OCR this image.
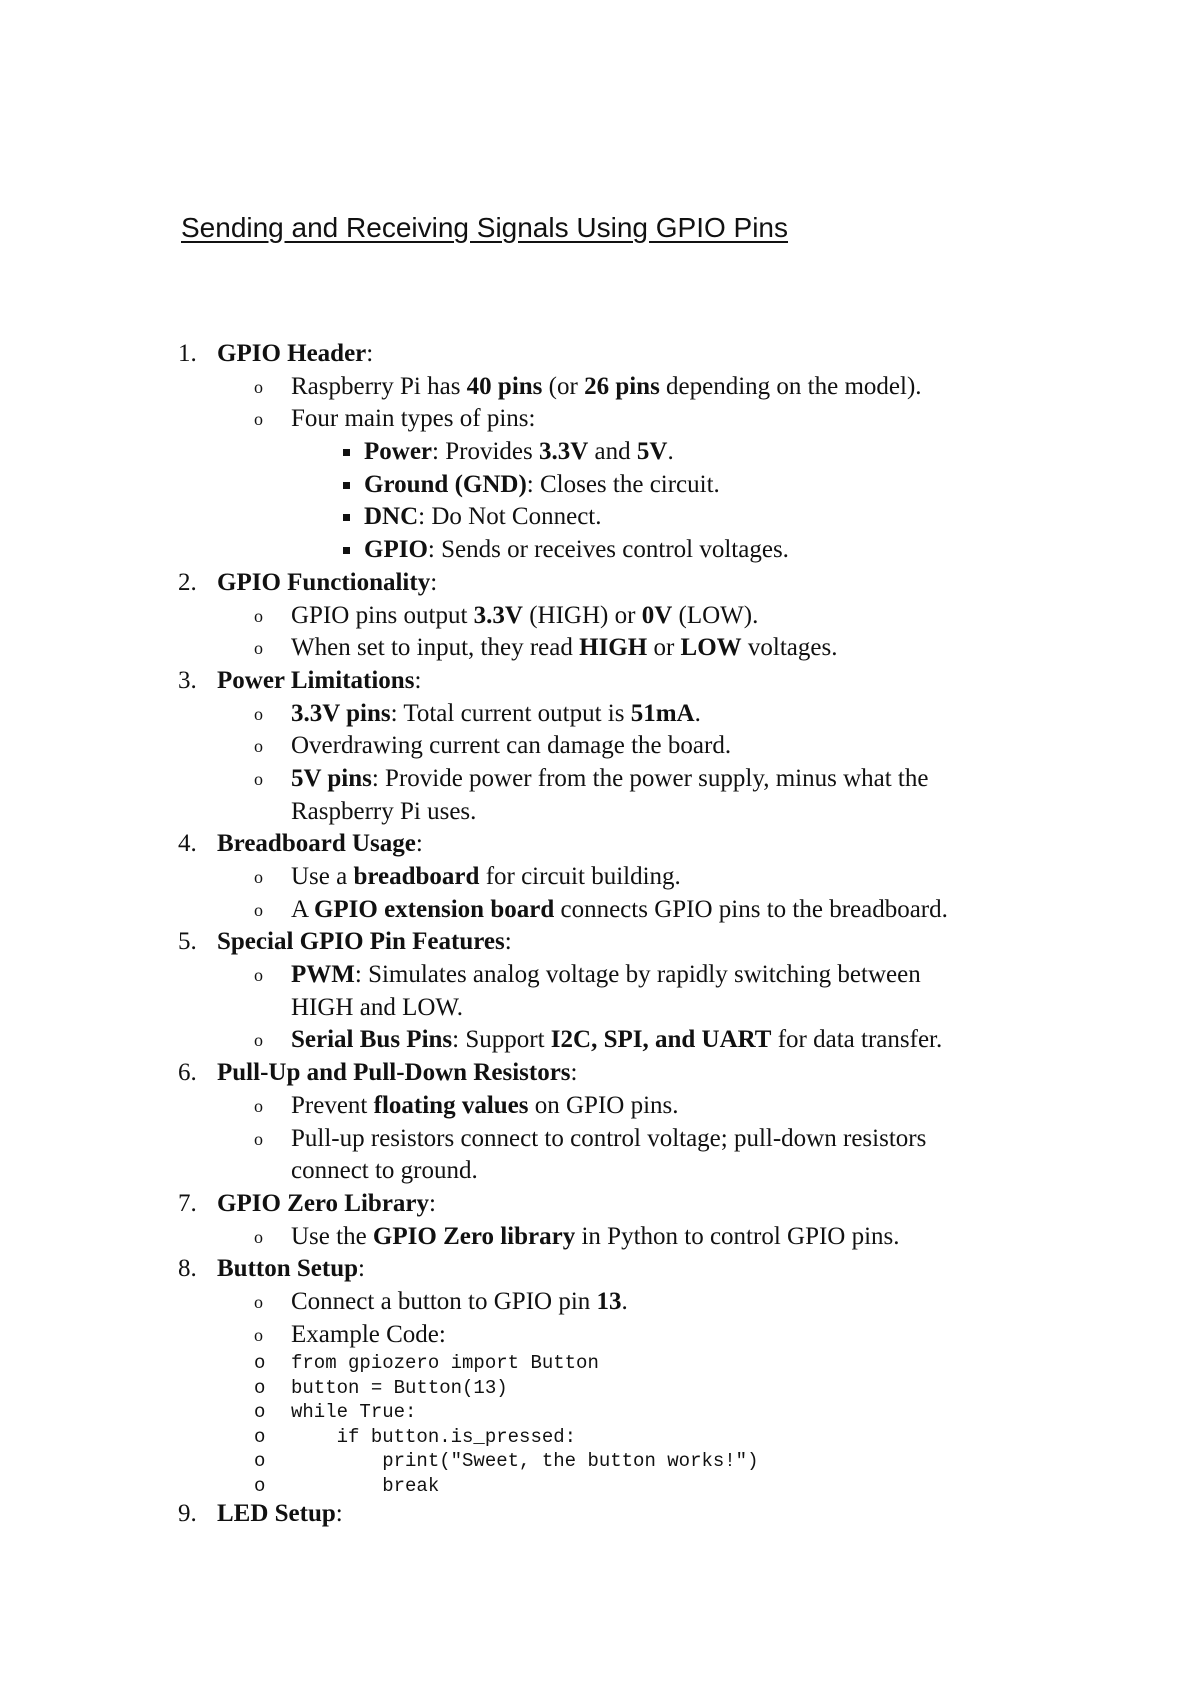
Sending and Receiving Signals Using GPIO Pins
1. GPIO Header:
o Raspberry Pi has 40 pins (or 26 pins depending on the model).
o Four main types of pins:
Power: Provides 3.3V and 5V.
Ground (GND): Closes the circuit.
DNC: Do Not Connect.
GPIO: Sends or receives control voltages.
2. GPIO Functionality:
o GPIO pins output 3.3V (HIGH) or 0V (LOW).
o When set to input, they read HIGH or LOW voltages.
3. Power Limitations:
o 3.3V pins: Total current output is 51mA.
o Overdrawing current can damage the board.
o 5V pins: Provide power from the power supply, minus what the
Raspberry Pi uses.
4. Breadboard Usage:
o Use a breadboard for circuit building.
o A GPIO extension board connects GPIO pins to the breadboard.
5. Special GPIO Pin Features:
o PWM: Simulates analog voltage by rapidly switching between
HIGH and LOW.
o Serial Bus Pins: Support I2C, SPI, and UART for data transfer.
6. Pull-Up and Pull-Down Resistors:
o Prevent floating values on GPIO pins.
o Pull-up resistors connect to control voltage; pull-down resistors
connect to ground.
7. GPIO Zero Library:
o Use the GPIO Zero library in Python to control GPIO pins.
8. Button Setup:
o Connect a button to GPIO pin 13.
o Example Code:
o from gpiozero import Button
o button = Button(13)
o while True:
o if button.is_pressed:
o print("Sweet, the button works!")
o break
9. LED Setup:
